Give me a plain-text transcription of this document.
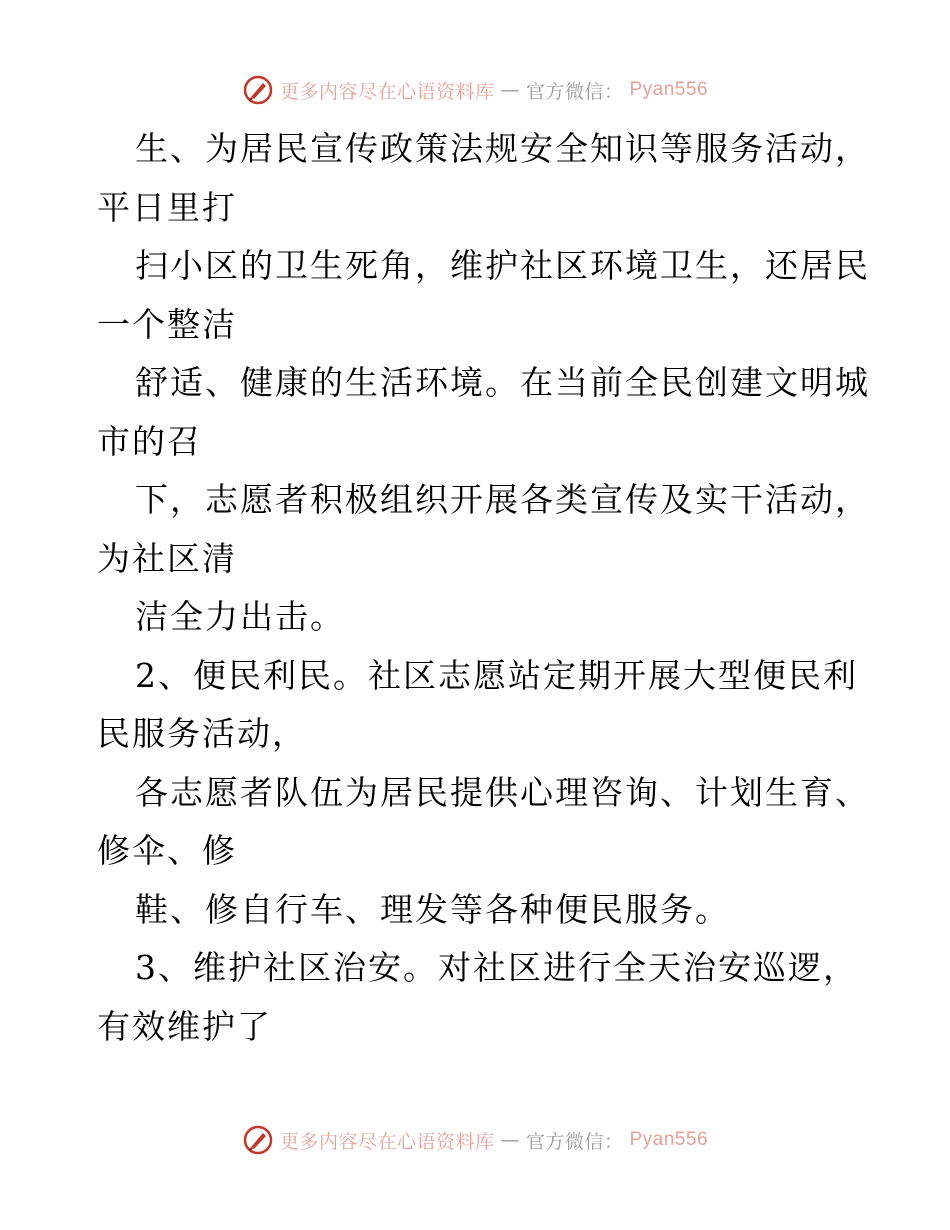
更多内容尽在心语资料库 — 官方微信： Pyan556
生、为居民宣传政策法规安全知识等服务活动，
平日里打
扫小区的卫生死角，维护社区环境卫生，还居民
一个整洁
舒适、健康的生活环境。在当前全民创建文明城
市的召
下，志愿者积极组织开展各类宣传及实干活动，
为社区清
洁全力出击。
2、便民利民。社区志愿站定期开展大型便民利
民服务活动，
各志愿者队伍为居民提供心理咨询、计划生育、
修伞、修
鞋、修自行车、理发等各种便民服务。
3、维护社区治安。对社区进行全天治安巡逻，
有效维护了
更多内容尽在心语资料库 — 官方微信： Pyan556
